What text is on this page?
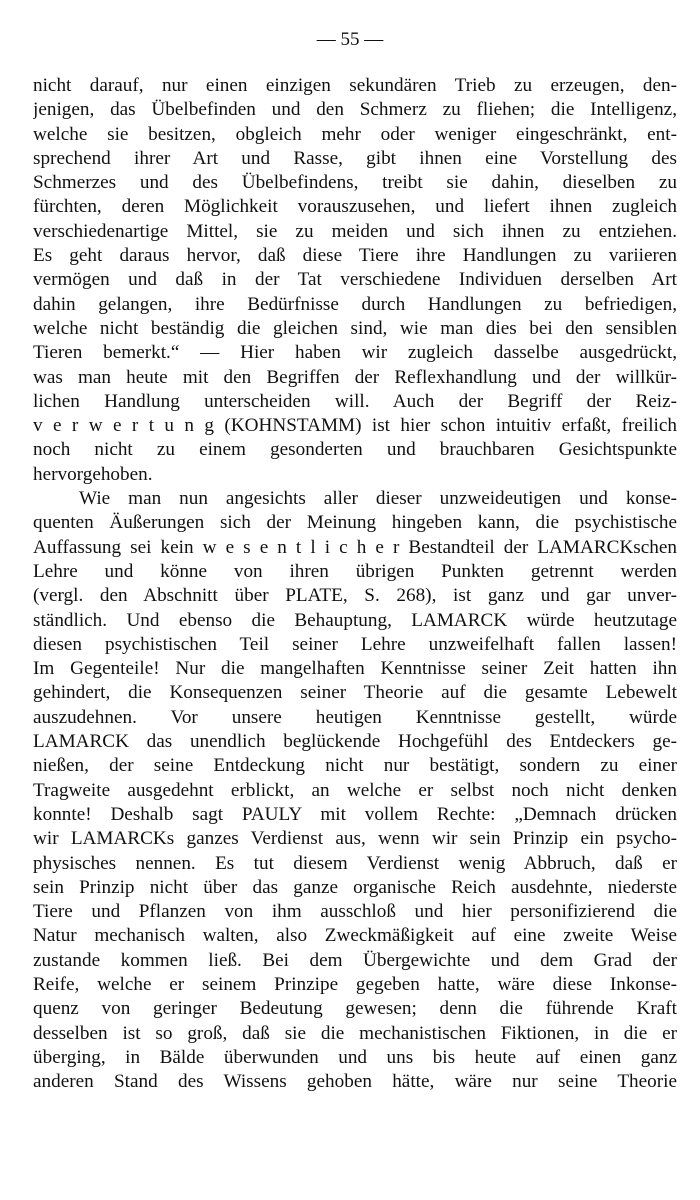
— 55 —
nicht darauf, nur einen einzigen sekundären Trieb zu erzeugen, den-
jenigen, das Übelbefinden und den Schmerz zu fliehen; die Intelligenz,
welche sie besitzen, obgleich mehr oder weniger eingeschränkt, ent-
sprechend ihrer Art und Rasse, gibt ihnen eine Vorstellung des
Schmerzes und des Übelbefindens, treibt sie dahin, dieselben zu
fürchten, deren Möglichkeit vorauszusehen, und liefert ihnen zugleich
verschiedenartige Mittel, sie zu meiden und sich ihnen zu entziehen.
Es geht daraus hervor, daß diese Tiere ihre Handlungen zu variieren
vermögen und daß in der Tat verschiedene Individuen derselben Art
dahin gelangen, ihre Bedürfnisse durch Handlungen zu befriedigen,
welche nicht beständig die gleichen sind, wie man dies bei den sensiblen
Tieren bemerkt.“ — Hier haben wir zugleich dasselbe ausgedrückt,
was man heute mit den Begriffen der Reflexhandlung und der willkür-
lichen Handlung unterscheiden will. Auch der Begriff der Reiz-
v e r w e r t u n g (KOHNSTAMM) ist hier schon intuitiv erfaßt, freilich
noch nicht zu einem gesonderten und brauchbaren Gesichtspunkte
hervorgehoben.
Wie man nun angesichts aller dieser unzweideutigen und konse-
quenten Äußerungen sich der Meinung hingeben kann, die psychistische
Auffassung sei kein w e s e n t l i c h e r Bestandteil der LAMARCKschen
Lehre und könne von ihren übrigen Punkten getrennt werden
(vergl. den Abschnitt über PLATE, S. 268), ist ganz und gar unver-
ständlich. Und ebenso die Behauptung, LAMARCK würde heutzutage
diesen psychistischen Teil seiner Lehre unzweifelhaft fallen lassen!
Im Gegenteile! Nur die mangelhaften Kenntnisse seiner Zeit hatten ihn
gehindert, die Konsequenzen seiner Theorie auf die gesamte Lebewelt
auszudehnen. Vor unsere heutigen Kenntnisse gestellt, würde
LAMARCK das unendlich beglückende Hochgefühl des Entdeckers ge-
nießen, der seine Entdeckung nicht nur bestätigt, sondern zu einer
Tragweite ausgedehnt erblickt, an welche er selbst noch nicht denken
konnte! Deshalb sagt PAULY mit vollem Rechte: „Demnach drücken
wir LAMARCKs ganzes Verdienst aus, wenn wir sein Prinzip ein psycho-
physisches nennen. Es tut diesem Verdienst wenig Abbruch, daß er
sein Prinzip nicht über das ganze organische Reich ausdehnte, niederste
Tiere und Pflanzen von ihm ausschloß und hier personifizierend die
Natur mechanisch walten, also Zweckmäßigkeit auf eine zweite Weise
zustande kommen ließ. Bei dem Übergewichte und dem Grad der
Reife, welche er seinem Prinzipe gegeben hatte, wäre diese Inkonse-
quenz von geringer Bedeutung gewesen; denn die führende Kraft
desselben ist so groß, daß sie die mechanistischen Fiktionen, in die er
überging, in Bälde überwunden und uns bis heute auf einen ganz
anderen Stand des Wissens gehoben hätte, wäre nur seine Theorie
